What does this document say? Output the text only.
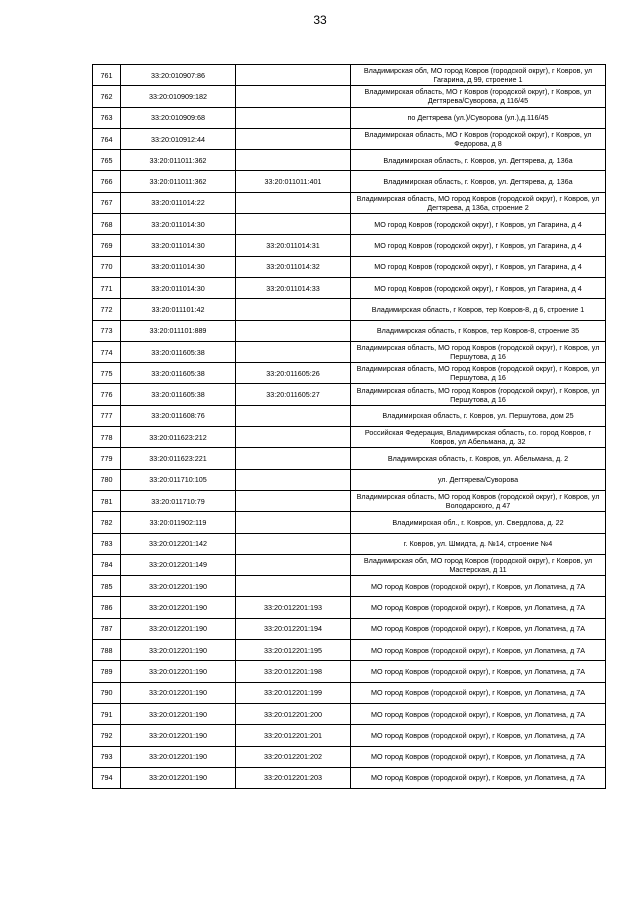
33
761	33:20:010907:86		Владимирская обл, МО город Ковров (городской округ), г Ковров, ул Гагарина, д 99, строение 1
762	33:20:010909:182		Владимирская область, МО г Ковров (городской округ), г Ковров, ул Дегтярева/Суворова, д 116/45
763	33:20:010909:68		по Дегтярева (ул.)/Суворова (ул.),д.116/45
764	33:20:010912:44		Владимирская область, МО г Ковров (городской округ), г Ковров, ул Федорова, д 8
765	33:20:011011:362		Владимирская область, г. Ковров, ул. Дегтярева, д. 136а
766	33:20:011011:362	33:20:011011:401	Владимирская область, г. Ковров, ул. Дегтярева, д. 136а
767	33:20:011014:22		Владимирская область, МО город Ковров (городской округ), г Ковров, ул Дегтярева, д 136а, строение 2
768	33:20:011014:30		МО город Ковров (городской округ), г Ковров, ул Гагарина, д 4
769	33:20:011014:30	33:20:011014:31	МО город Ковров (городской округ), г Ковров, ул Гагарина, д 4
770	33:20:011014:30	33:20:011014:32	МО город Ковров (городской округ), г Ковров, ул Гагарина, д 4
771	33:20:011014:30	33:20:011014:33	МО город Ковров (городской округ), г Ковров, ул Гагарина, д 4
772	33:20:011101:42		Владимирская область, г Ковров, тер Ковров-8, д 6, строение 1
773	33:20:011101:889		Владимирская область, г Ковров, тер Ковров-8, строение 35
774	33:20:011605:38		Владимирская область, МО город Ковров (городской округ), г Ковров, ул Першутова, д 16
775	33:20:011605:38	33:20:011605:26	Владимирская область, МО город Ковров (городской округ), г Ковров, ул Першутова, д 16
776	33:20:011605:38	33:20:011605:27	Владимирская область, МО город Ковров (городской округ), г Ковров, ул Першутова, д 16
777	33:20:011608:76		Владимирская область, г. Ковров, ул. Першутова, дом 25
778	33:20:011623:212		Российская Федерация, Владимирская область, г.о. город Ковров, г Ковров, ул Абельмана, д. 32
779	33:20:011623:221		Владимирская область, г. Ковров, ул. Абельмана, д. 2
780	33:20:011710:105		ул. Дегтярева/Суворова
781	33:20:011710:79		Владимирская область, МО город Ковров (городской округ), г Ковров, ул Володарского, д 47
782	33:20:011902:119		Владимирская обл., г. Ковров, ул. Свердлова, д. 22
783	33:20:012201:142		г. Ковров, ул. Шмидта, д. №14, строение №4
784	33:20:012201:149		Владимирская обл, МО город Ковров (городской округ), г Ковров, ул Мастерская, д 11
785	33:20:012201:190		МО город Ковров (городской округ), г Ковров, ул Лопатина, д 7А
786	33:20:012201:190	33:20:012201:193	МО город Ковров (городской округ), г Ковров, ул Лопатина, д 7А
787	33:20:012201:190	33:20:012201:194	МО город Ковров (городской округ), г Ковров, ул Лопатина, д 7А
788	33:20:012201:190	33:20:012201:195	МО город Ковров (городской округ), г Ковров, ул Лопатина, д 7А
789	33:20:012201:190	33:20:012201:198	МО город Ковров (городской округ), г Ковров, ул Лопатина, д 7А
790	33:20:012201:190	33:20:012201:199	МО город Ковров (городской округ), г Ковров, ул Лопатина, д 7А
791	33:20:012201:190	33:20:012201:200	МО город Ковров (городской округ), г Ковров, ул Лопатина, д 7А
792	33:20:012201:190	33:20:012201:201	МО город Ковров (городской округ), г Ковров, ул Лопатина, д 7А
793	33:20:012201:190	33:20:012201:202	МО город Ковров (городской округ), г Ковров, ул Лопатина, д 7А
794	33:20:012201:190	33:20:012201:203	МО город Ковров (городской округ), г Ковров, ул Лопатина, д 7А
